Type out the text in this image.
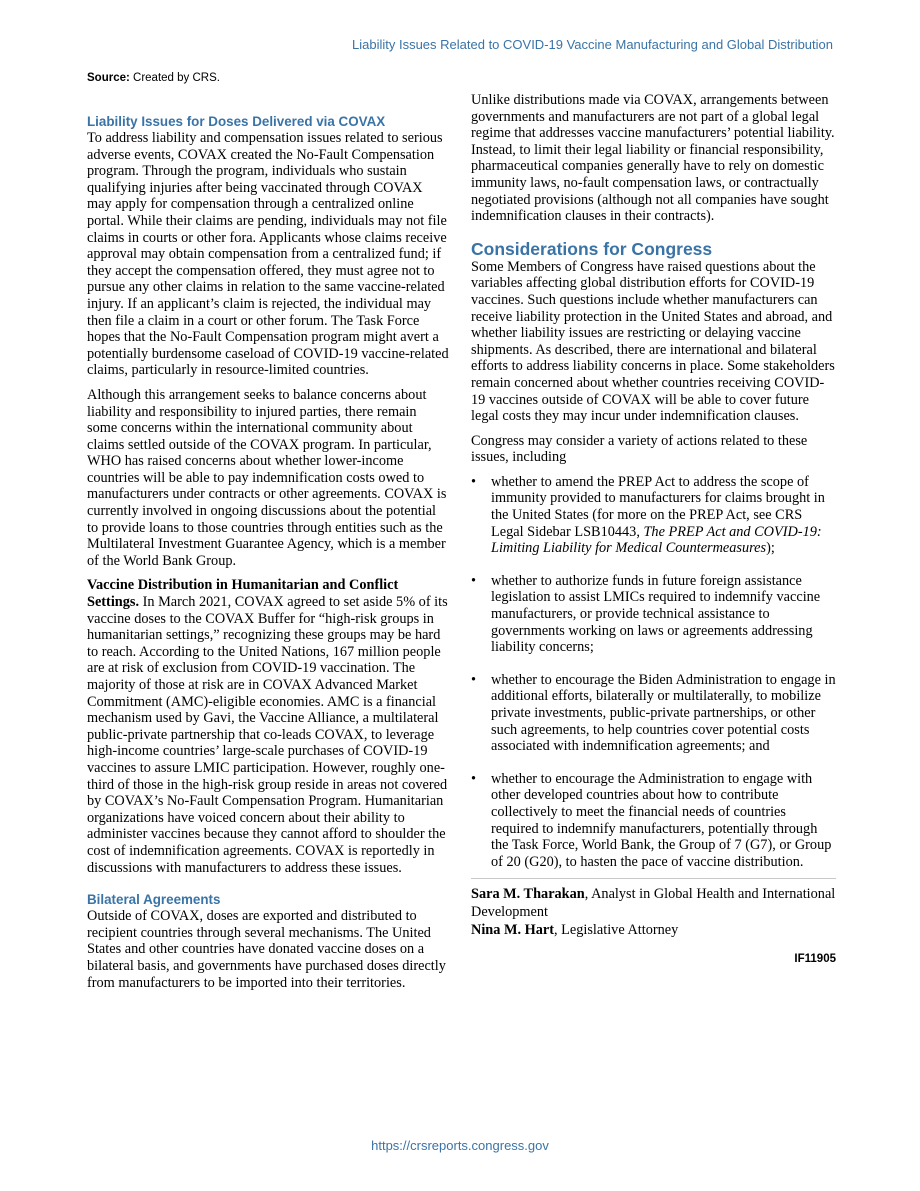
Liability Issues Related to COVID-19 Vaccine Manufacturing and Global Distribution
Source: Created by CRS.
Liability Issues for Doses Delivered via COVAX

To address liability and compensation issues related to serious adverse events, COVAX created the No-Fault Compensation program. Through the program, individuals who sustain qualifying injuries after being vaccinated through COVAX may apply for compensation through a centralized online portal. While their claims are pending, individuals may not file claims in courts or other fora. Applicants whose claims receive approval may obtain compensation from a centralized fund; if they accept the compensation offered, they must agree not to pursue any other claims in relation to the same vaccine-related injury. If an applicant’s claim is rejected, the individual may then file a claim in a court or other forum. The Task Force hopes that the No-Fault Compensation program might avert a potentially burdensome caseload of COVID-19 vaccine-related claims, particularly in resource-limited countries.

Although this arrangement seeks to balance concerns about liability and responsibility to injured parties, there remain some concerns within the international community about claims settled outside of the COVAX program. In particular, WHO has raised concerns about whether lower-income countries will be able to pay indemnification costs owed to manufacturers under contracts or other agreements. COVAX is currently involved in ongoing discussions about the potential to provide loans to those countries through entities such as the Multilateral Investment Guarantee Agency, which is a member of the World Bank Group.

Vaccine Distribution in Humanitarian and Conflict Settings. In March 2021, COVAX agreed to set aside 5% of its vaccine doses to the COVAX Buffer for “high-risk groups in humanitarian settings,” recognizing these groups may be hard to reach. According to the United Nations, 167 million people are at risk of exclusion from COVID-19 vaccination. The majority of those at risk are in COVAX Advanced Market Commitment (AMC)-eligible economies. AMC is a financial mechanism used by Gavi, the Vaccine Alliance, a multilateral public-private partnership that co-leads COVAX, to leverage high-income countries’ large-scale purchases of COVID-19 vaccines to assure LMIC participation. However, roughly one-third of those in the high-risk group reside in areas not covered by COVAX’s No-Fault Compensation Program. Humanitarian organizations have voiced concern about their ability to administer vaccines because they cannot afford to shoulder the cost of indemnification agreements. COVAX is reportedly in discussions with manufacturers to address these issues.

Bilateral Agreements

Outside of COVAX, doses are exported and distributed to recipient countries through several mechanisms. The United States and other countries have donated vaccine doses on a bilateral basis, and governments have purchased doses directly from manufacturers to be imported into their territories.

Unlike distributions made via COVAX, arrangements between governments and manufacturers are not part of a global legal regime that addresses vaccine manufacturers’ potential liability. Instead, to limit their legal liability or financial responsibility, pharmaceutical companies generally have to rely on domestic immunity laws, no-fault compensation laws, or contractually negotiated provisions (although not all companies have sought indemnification clauses in their contracts).

Considerations for Congress

Some Members of Congress have raised questions about the variables affecting global distribution efforts for COVID-19 vaccines. Such questions include whether manufacturers can receive liability protection in the United States and abroad, and whether liability issues are restricting or delaying vaccine shipments. As described, there are international and bilateral efforts to address liability concerns in place. Some stakeholders remain concerned about whether countries receiving COVID-19 vaccines outside of COVAX will be able to cover future legal costs they may incur under indemnification clauses.

Congress may consider a variety of actions related to these issues, including

• whether to amend the PREP Act to address the scope of immunity provided to manufacturers for claims brought in the United States (for more on the PREP Act, see CRS Legal Sidebar LSB10443, The PREP Act and COVID-19: Limiting Liability for Medical Countermeasures);
• whether to authorize funds in future foreign assistance legislation to assist LMICs required to indemnify vaccine manufacturers, or provide technical assistance to governments working on laws or agreements addressing liability concerns;
• whether to encourage the Biden Administration to engage in additional efforts, bilaterally or multilaterally, to mobilize private investments, public-private partnerships, or other such agreements, to help countries cover potential costs associated with indemnification agreements; and
• whether to encourage the Administration to engage with other developed countries about how to contribute collectively to meet the financial needs of countries required to indemnify manufacturers, potentially through the Task Force, World Bank, the Group of 7 (G7), or Group of 20 (G20), to hasten the pace of vaccine distribution.
Sara M. Tharakan, Analyst in Global Health and International Development
Nina M. Hart, Legislative Attorney
IF11905
https://crsreports.congress.gov
